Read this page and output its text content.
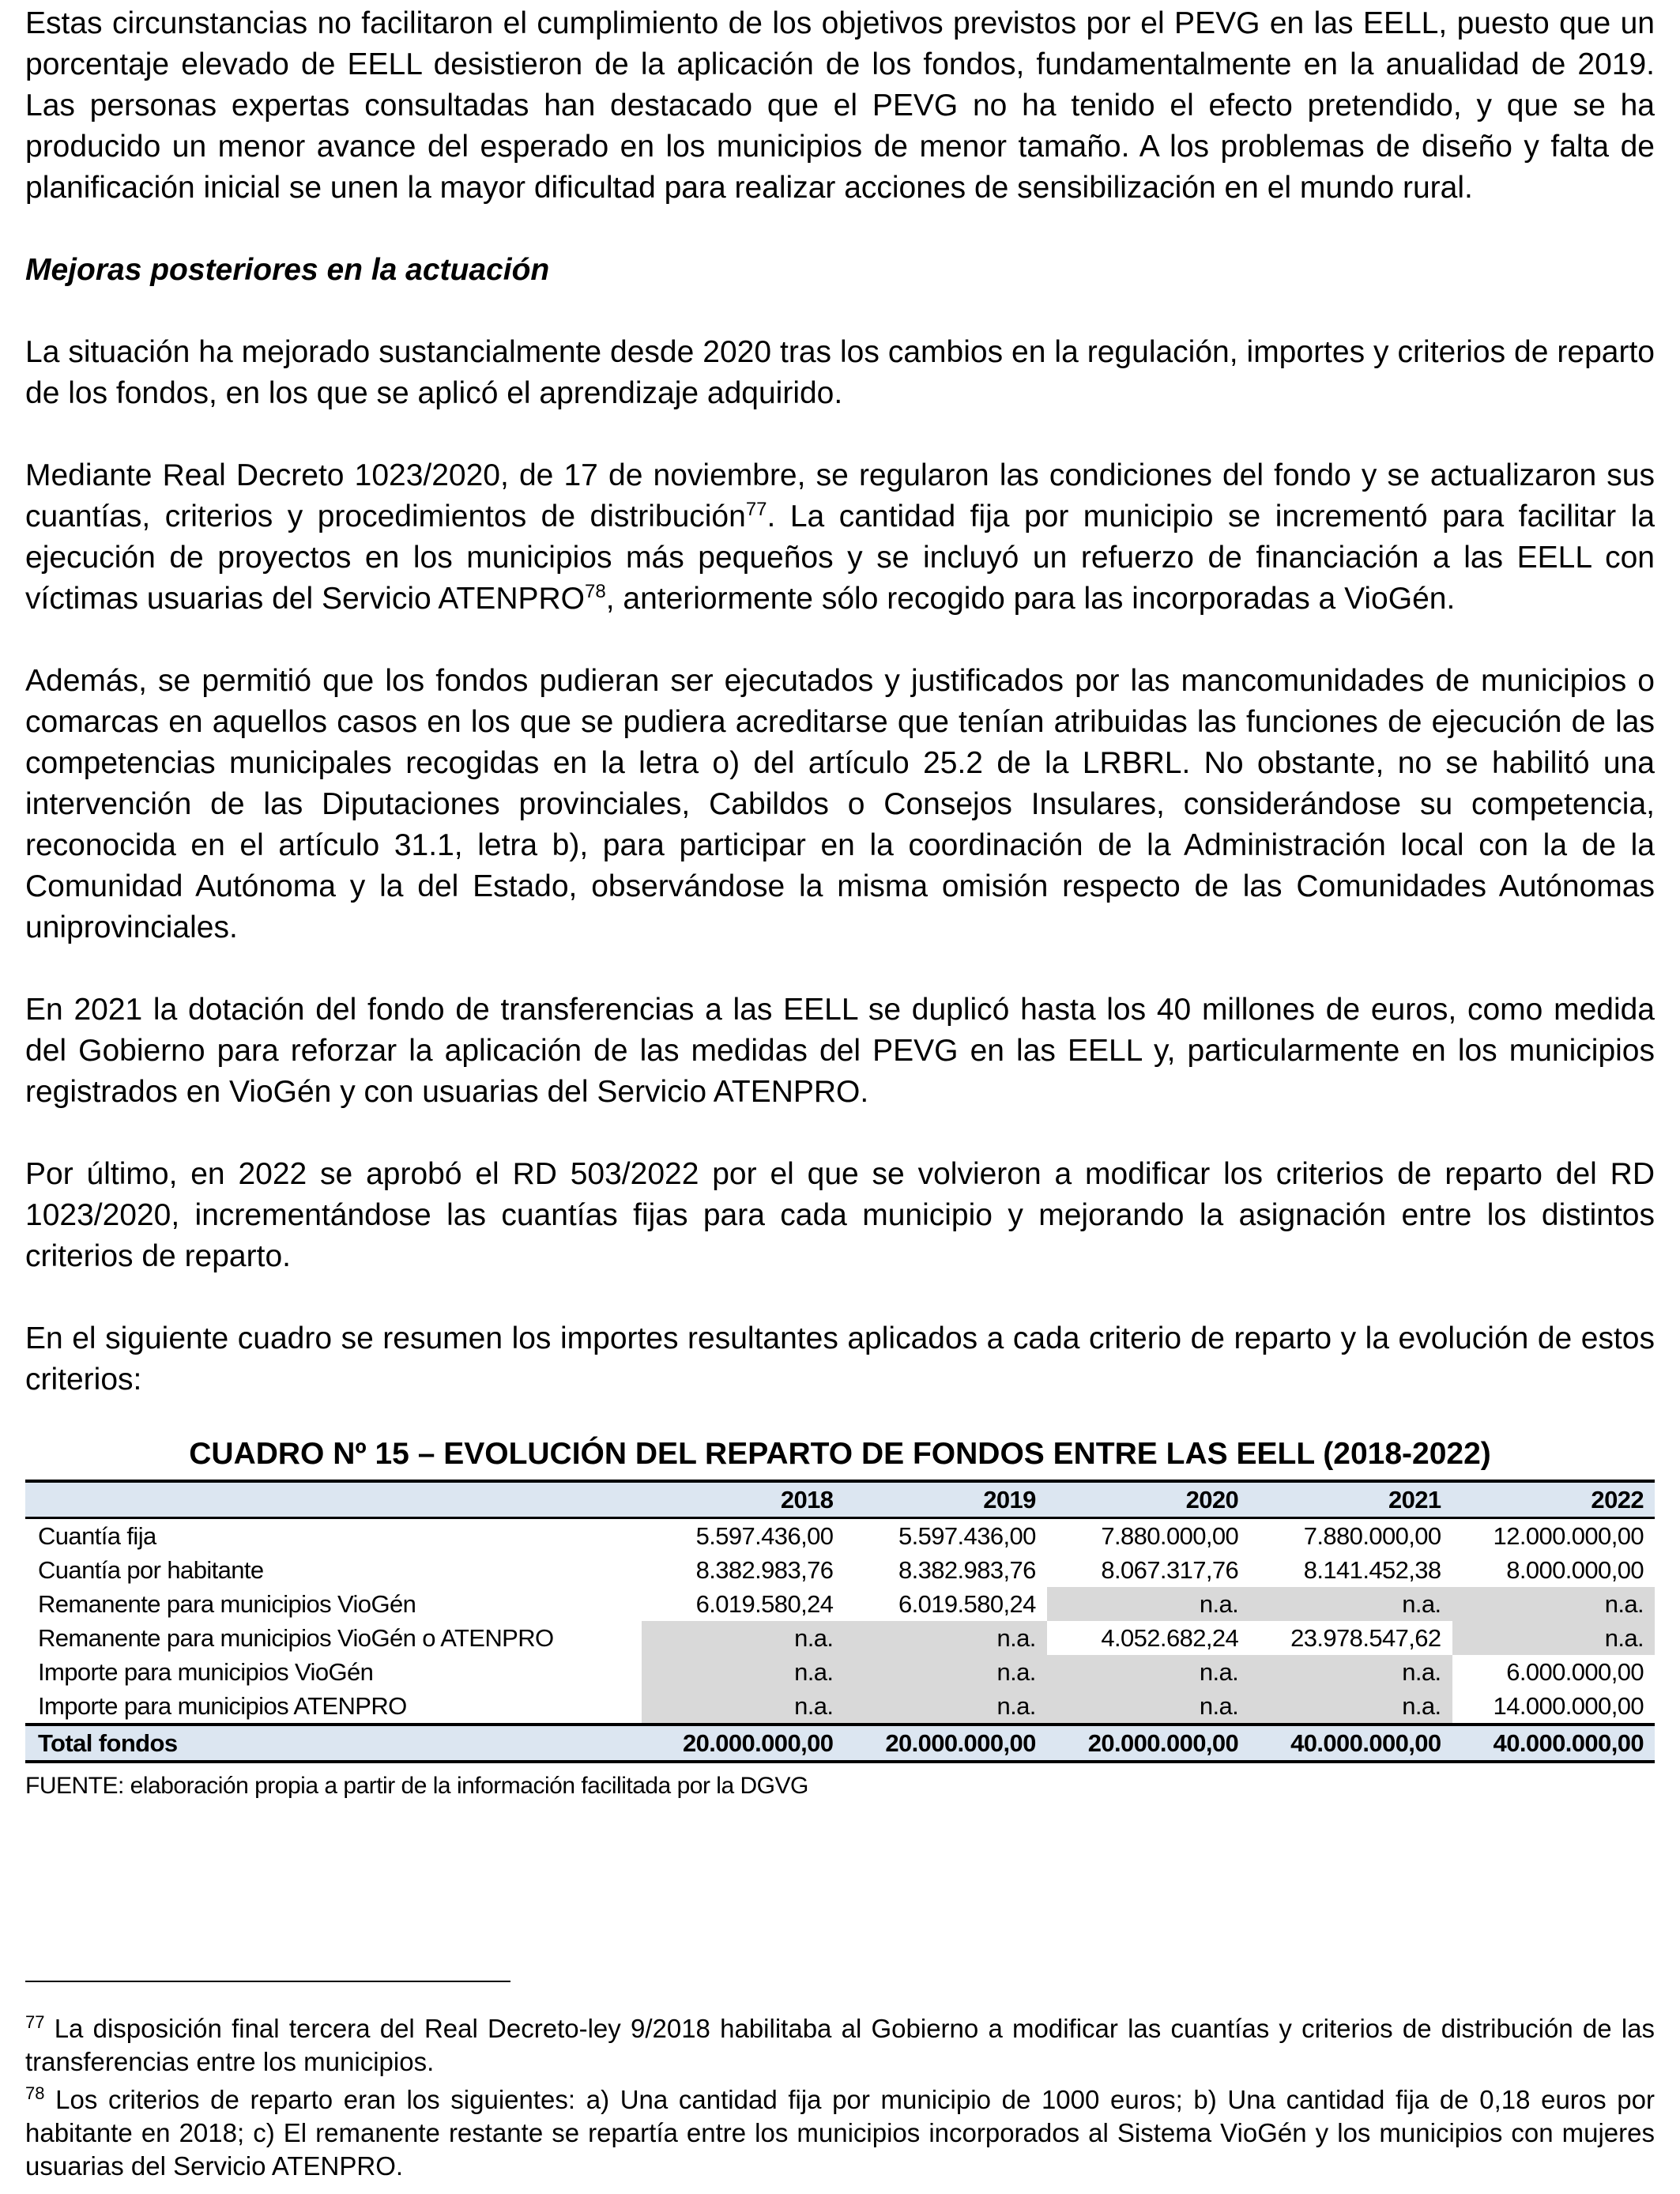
Estas circunstancias no facilitaron el cumplimiento de los objetivos previstos por el PEVG en las EELL, puesto que un porcentaje elevado de EELL desistieron de la aplicación de los fondos, fundamentalmente en la anualidad de 2019. Las personas expertas consultadas han destacado que el PEVG no ha tenido el efecto pretendido, y que se ha producido un menor avance del esperado en los municipios de menor tamaño. A los problemas de diseño y falta de planificación inicial se unen la mayor dificultad para realizar acciones de sensibilización en el mundo rural.

Mejoras posteriores en la actuación

La situación ha mejorado sustancialmente desde 2020 tras los cambios en la regulación, importes y criterios de reparto de los fondos, en los que se aplicó el aprendizaje adquirido.

Mediante Real Decreto 1023/2020, de 17 de noviembre, se regularon las condiciones del fondo y se actualizaron sus cuantías, criterios y procedimientos de distribución$^{77}$. La cantidad fija por municipio se incrementó para facilitar la ejecución de proyectos en los municipios más pequeños y se incluyó un refuerzo de financiación a las EELL con víctimas usuarias del Servicio ATENPRO$^{78}$, anteriormente sólo recogido para las incorporadas a VioGén.

Además, se permitió que los fondos pudieran ser ejecutados y justificados por las mancomunidades de municipios o comarcas en aquellos casos en los que se pudiera acreditarse que tenían atribuidas las funciones de ejecución de las competencias municipales recogidas en la letra o) del artículo 25.2 de la LRBRL. No obstante, no se habilitó una intervención de las Diputaciones provinciales, Cabildos o Consejos Insulares, considerándose su competencia, reconocida en el artículo 31.1, letra b), para participar en la coordinación de la Administración local con la de la Comunidad Autónoma y la del Estado, observándose la misma omisión respecto de las Comunidades Autónomas uniprovinciales.

En 2021 la dotación del fondo de transferencias a las EELL se duplicó hasta los 40 millones de euros, como medida del Gobierno para reforzar la aplicación de las medidas del PEVG en las EELL y, particularmente en los municipios registrados en VioGén y con usuarias del Servicio ATENPRO.

Por último, en 2022 se aprobó el RD 503/2022 por el que se volvieron a modificar los criterios de reparto del RD 1023/2020, incrementándose las cuantías fijas para cada municipio y mejorando la asignación entre los distintos criterios de reparto.

En el siguiente cuadro se resumen los importes resultantes aplicados a cada criterio de reparto y la evolución de estos criterios:

CUADRO Nº 15 – EVOLUCIÓN DEL REPARTO DE FONDOS ENTRE LAS EELL (2018-2022)
	2018	2019	2020	2021	2022
Cuantía fija	5.597.436,00	5.597.436,00	7.880.000,00	7.880.000,00	12.000.000,00
Cuantía por habitante	8.382.983,76	8.382.983,76	8.067.317,76	8.141.452,38	8.000.000,00
Remanente para municipios VioGén	6.019.580,24	6.019.580,24	n.a.	n.a.	n.a.
Remanente para municipios VioGén o ATENPRO	n.a.	n.a.	4.052.682,24	23.978.547,62	n.a.
Importe para municipios VioGén	n.a.	n.a.	n.a.	n.a.	6.000.000,00
Importe para municipios ATENPRO	n.a.	n.a.	n.a.	n.a.	14.000.000,00
Total fondos	20.000.000,00	20.000.000,00	20.000.000,00	40.000.000,00	40.000.000,00
FUENTE: elaboración propia a partir de la información facilitada por la DGVG
$^{77}$ La disposición final tercera del Real Decreto-ley 9/2018 habilitaba al Gobierno a modificar las cuantías y criterios de distribución de las transferencias entre los municipios.
$^{78}$ Los criterios de reparto eran los siguientes: a) Una cantidad fija por municipio de 1000 euros; b) Una cantidad fija de 0,18 euros por habitante en 2018; c) El remanente restante se repartía entre los municipios incorporados al Sistema VioGén y los municipios con mujeres usuarias del Servicio ATENPRO.
